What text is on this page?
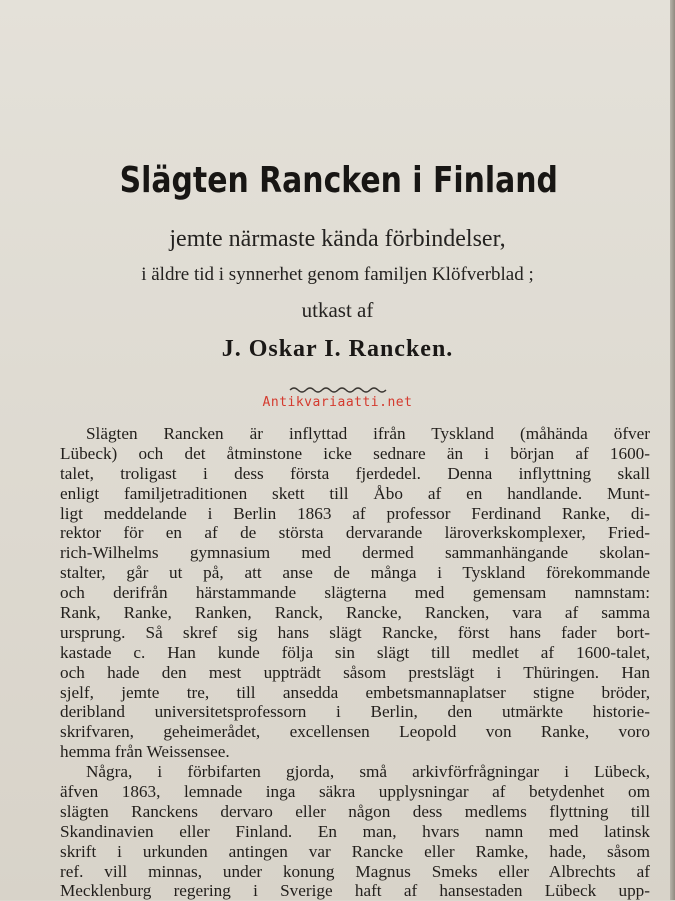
Slägten Rancken i Finland
jemte närmaste kända förbindelser,
i äldre tid i synnerhet genom familjen Klöfverblad ;
utkast af
J. Oskar I. Rancken.
Antikvariaatti.net
Slägten Rancken är inflyttad ifrån Tyskland (måhända öfver
Lübeck) och det åtminstone icke sednare än i början af 1600-
talet, troligast i dess första fjerdedel. Denna inflyttning skall
enligt familjetraditionen skett till Åbo af en handlande. Munt-
ligt meddelande i Berlin 1863 af professor Ferdinand Ranke, di-
rektor för en af de största dervarande läroverkskomplexer, Fried-
rich-Wilhelms gymnasium med dermed sammanhängande skolan-
stalter, går ut på, att anse de många i Tyskland förekommande
och derifrån härstammande slägterna med gemensam namnstam:
Rank, Ranke, Ranken, Ranck, Rancke, Rancken, vara af samma
ursprung. Så skref sig hans slägt Rancke, först hans fader bort-
kastade c. Han kunde följa sin slägt till medlet af 1600-talet,
och hade den mest uppträdt såsom prestslägt i Thüringen. Han
sjelf, jemte tre, till ansedda embetsmannaplatser stigne bröder,
deribland universitetsprofessorn i Berlin, den utmärkte historie-
skrifvaren, geheimerådet, excellensen Leopold von Ranke, voro
hemma från Weissensee.
Några, i förbifarten gjorda, små arkivförfrågningar i Lübeck,
äfven 1863, lemnade inga säkra upplysningar af betydenhet om
slägten Ranckens dervaro eller någon dess medlems flyttning till
Skandinavien eller Finland. En man, hvars namn med latinsk
skrift i urkunden antingen var Rancke eller Ramke, hade, såsom
ref. vill minnas, under konung Magnus Smeks eller Albrechts af
Mecklenburg regering i Sverige haft af hansestaden Lübeck upp-
